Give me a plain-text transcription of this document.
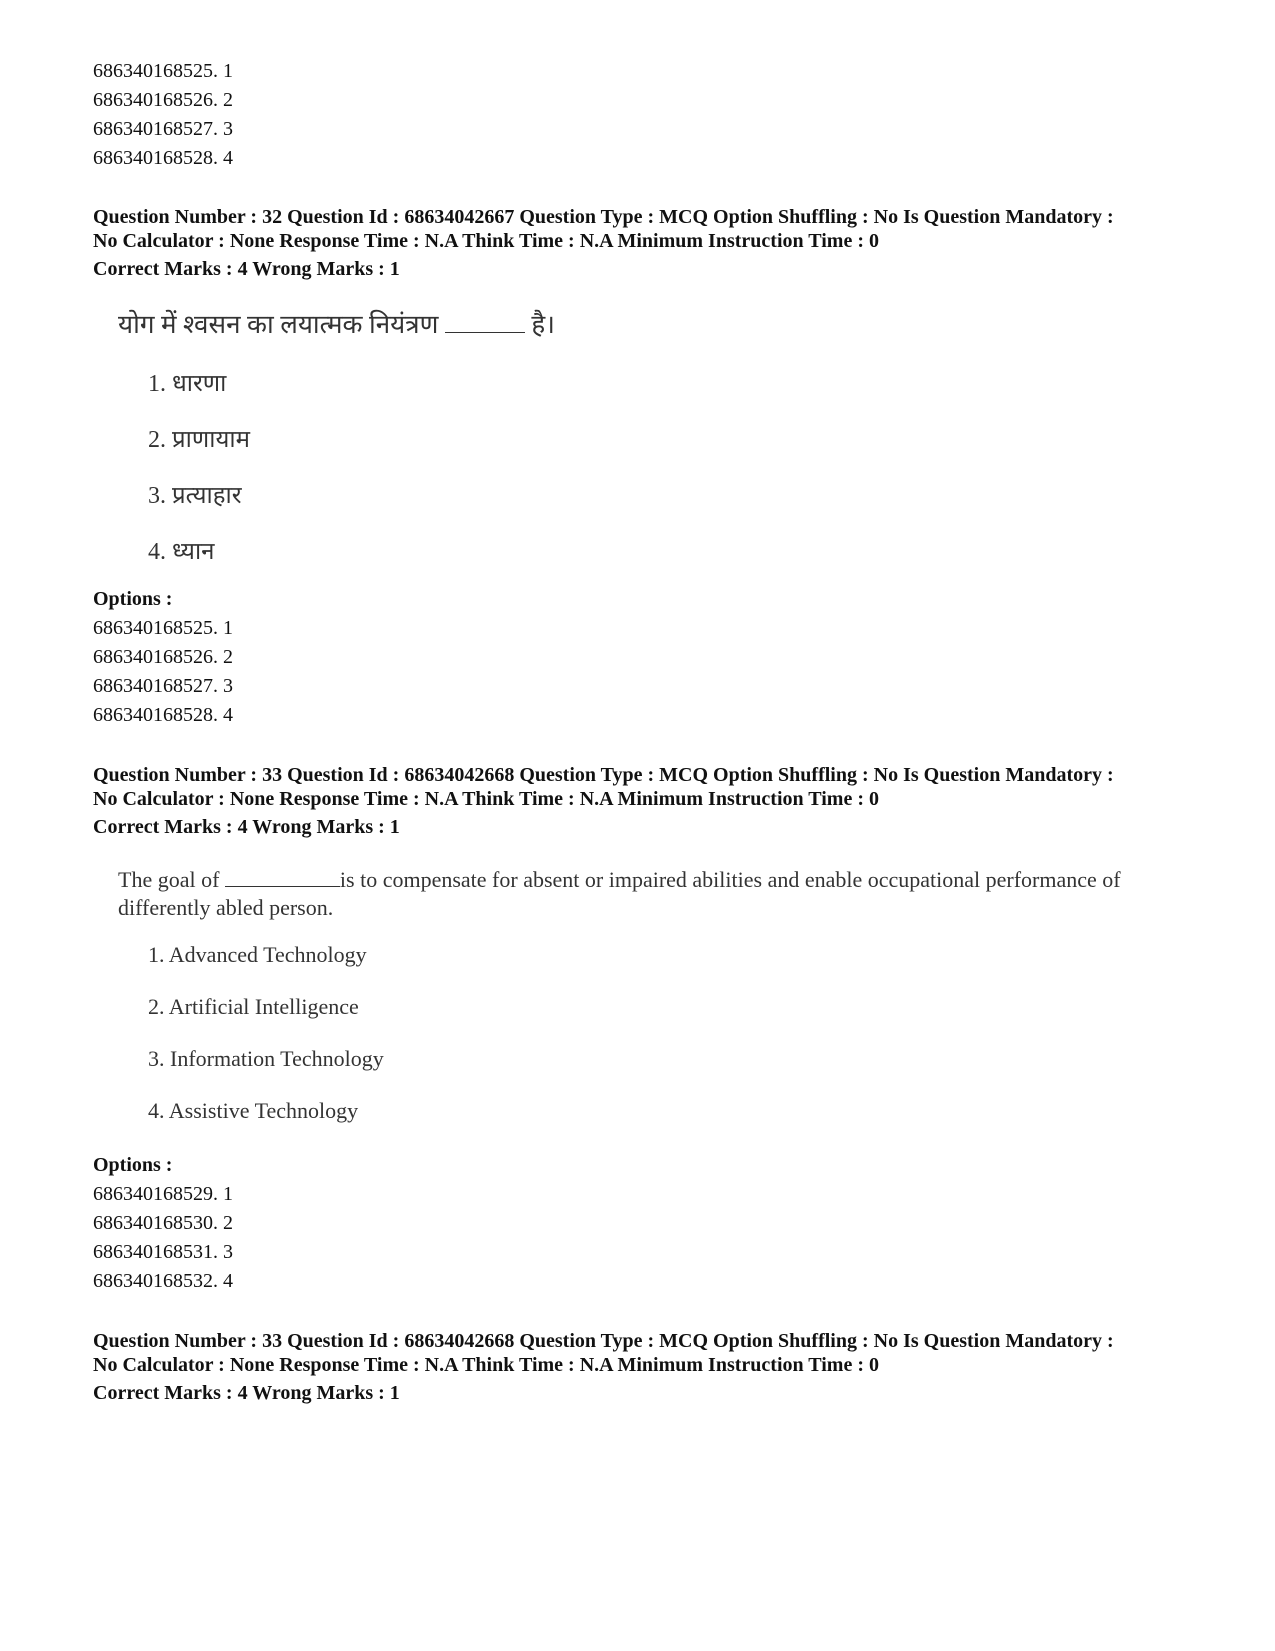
686340168525. 1
686340168526. 2
686340168527. 3
686340168528. 4
Question Number : 32 Question Id : 68634042667 Question Type : MCQ Option Shuffling : No Is Question Mandatory :
No Calculator : None Response Time : N.A Think Time : N.A Minimum Instruction Time : 0
Correct Marks : 4 Wrong Marks : 1
योग में श्वसन का लयात्मक नियंत्रण	है।
1. धारणा
2. प्राणायाम
3. प्रत्याहार
4. ध्यान
Options :
686340168525. 1
686340168526. 2
686340168527. 3
686340168528. 4
Question Number : 33 Question Id : 68634042668 Question Type : MCQ Option Shuffling : No Is Question Mandatory :
No Calculator : None Response Time : N.A Think Time : N.A Minimum Instruction Time : 0
Correct Marks : 4 Wrong Marks : 1
The goal of	is to compensate for absent or impaired abilities and enable occupational performance of differently abled person.
1. Advanced Technology
2. Artificial Intelligence
3. Information Technology
4. Assistive Technology
Options :
686340168529. 1
686340168530. 2
686340168531. 3
686340168532. 4
Question Number : 33 Question Id : 68634042668 Question Type : MCQ Option Shuffling : No Is Question Mandatory :
No Calculator : None Response Time : N.A Think Time : N.A Minimum Instruction Time : 0
Correct Marks : 4 Wrong Marks : 1
